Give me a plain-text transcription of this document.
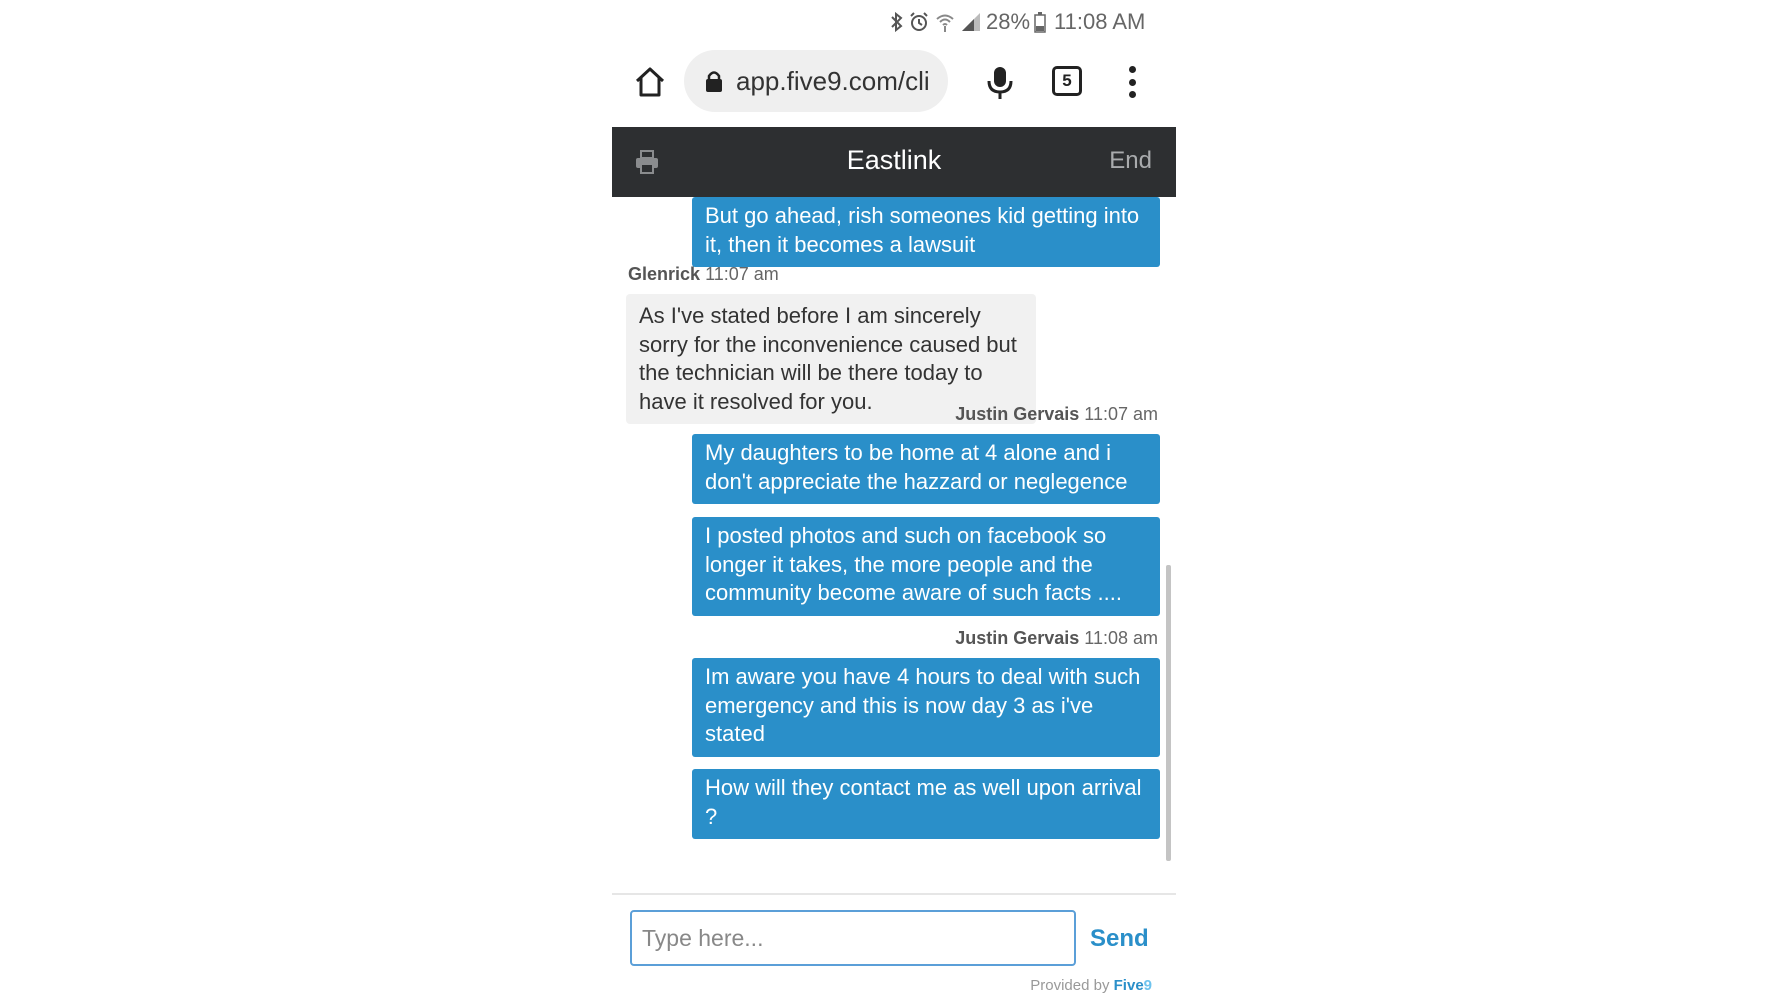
28% 11:08 AM
app.five9.com/cli	5
Eastlink	End
But go ahead, rish someones kid getting into it, then it becomes a lawsuit
Glenrick 11:07 am
As I've stated before I am sincerely sorry for the inconvenience caused but the technician will be there today to have it resolved for you.
Justin Gervais 11:07 am
My daughters to be home at 4 alone and i don't appreciate the hazzard or neglegence
I posted photos and such on facebook so longer it takes, the more people and the community become aware of such facts ....
Justin Gervais 11:08 am
Im aware you have 4 hours to deal with such emergency and this is now day 3 as i've stated
How will they contact me as well upon arrival ?
Type here...
Send
Provided by Five9
